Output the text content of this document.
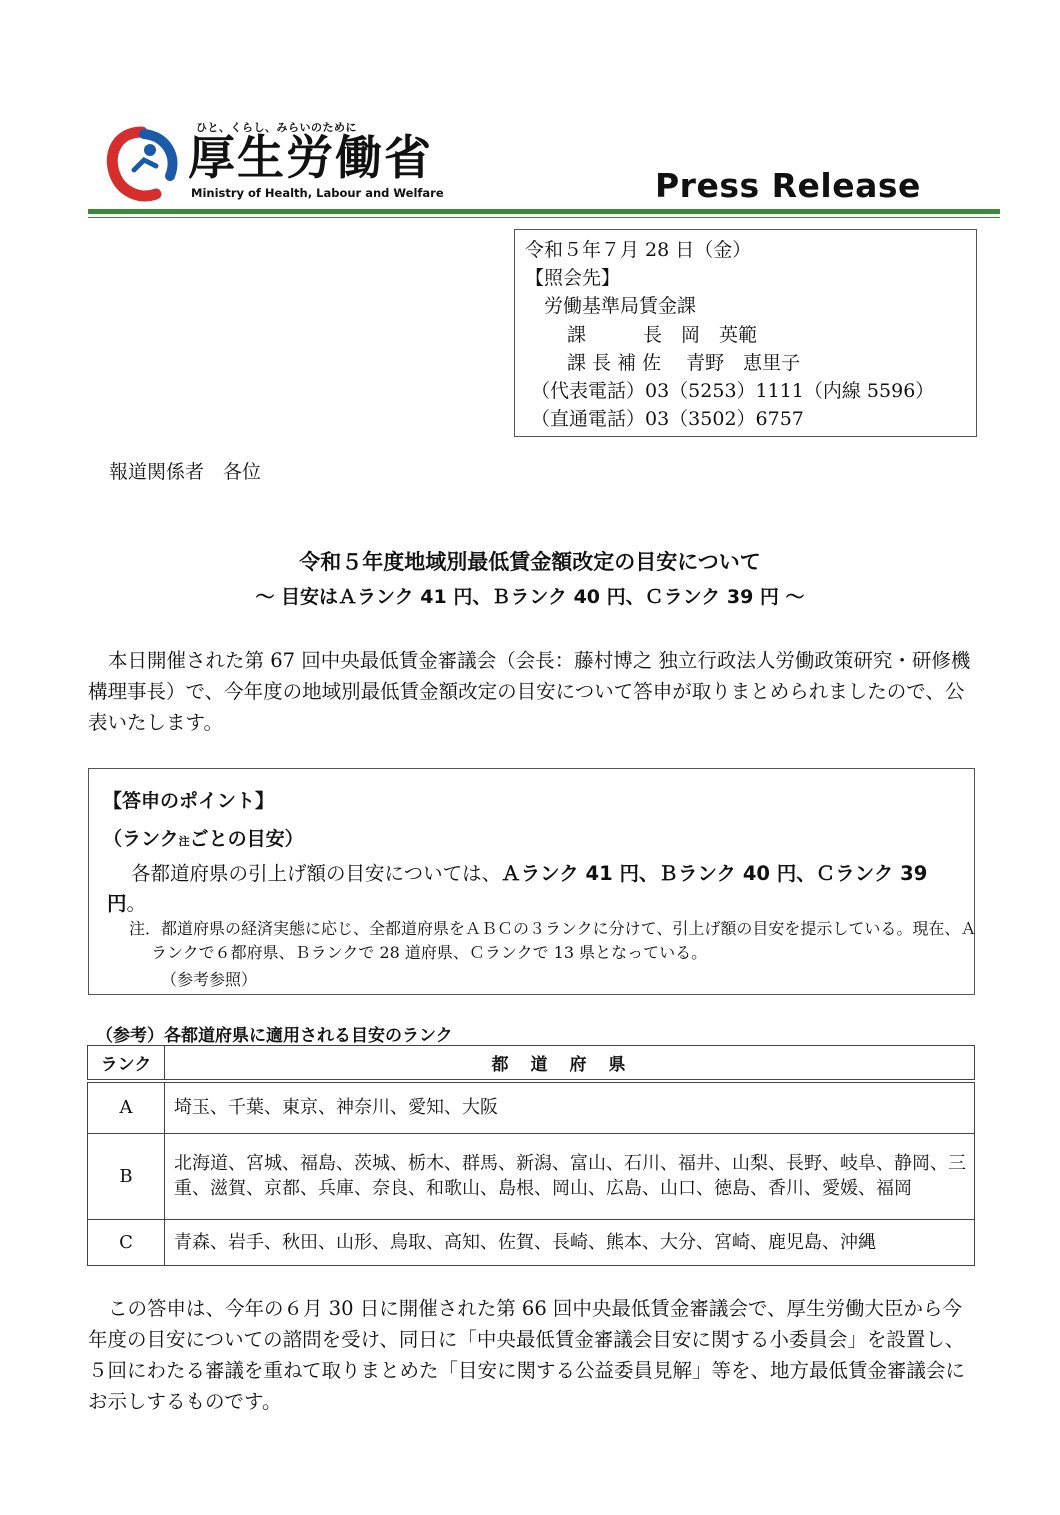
ひと、くらし、みらいのために
厚生労働省
Ministry of Health, Labour and Welfare	Press Release
令和５年７月 28 日（金）
【照会先】
労働基準局賃金課
課　　　長　岡　英範
課 長 補 佐　 青野　恵里子
（代表電話）03（5253）1111（内線 5596）
（直通電話）03（3502）6757
報道関係者　各位
令和５年度地域別最低賃金額改定の目安について
～ 目安はＡランク 41 円、Ｂランク 40 円、Ｃランク 39 円 ～
本日開催された第 67 回中央最低賃金審議会（会長：藤村博之 独立行政法人労働政策研究・研修機構理事長）で、今年度の地域別最低賃金額改定の目安について答申が取りまとめられましたので、公表いたします。
【答申のポイント】
（ランク注ごとの目安）
各都道府県の引上げ額の目安については、Ａランク 41 円、Ｂランク 40 円、Ｃランク 39 円。
注．都道府県の経済実態に応じ、全都道府県をＡＢＣの３ランクに分けて、引上げ額の目安を提示している。現在、Ａランクで６都府県、Ｂランクで 28 道府県、Ｃランクで 13 県となっている。
（参考参照）
（参考）各都道府県に適用される目安のランク
ランク	都道府県
A	埼玉、千葉、東京、神奈川、愛知、大阪
B	北海道、宮城、福島、茨城、栃木、群馬、新潟、富山、石川、福井、山梨、長野、岐阜、静岡、三重、滋賀、京都、兵庫、奈良、和歌山、島根、岡山、広島、山口、徳島、香川、愛媛、福岡
C	青森、岩手、秋田、山形、鳥取、高知、佐賀、長崎、熊本、大分、宮崎、鹿児島、沖縄
この答申は、今年の６月 30 日に開催された第 66 回中央最低賃金審議会で、厚生労働大臣から今年度の目安についての諮問を受け、同日に「中央最低賃金審議会目安に関する小委員会」を設置し、５回にわたる審議を重ねて取りまとめた「目安に関する公益委員見解」等を、地方最低賃金審議会にお示しするものです。
